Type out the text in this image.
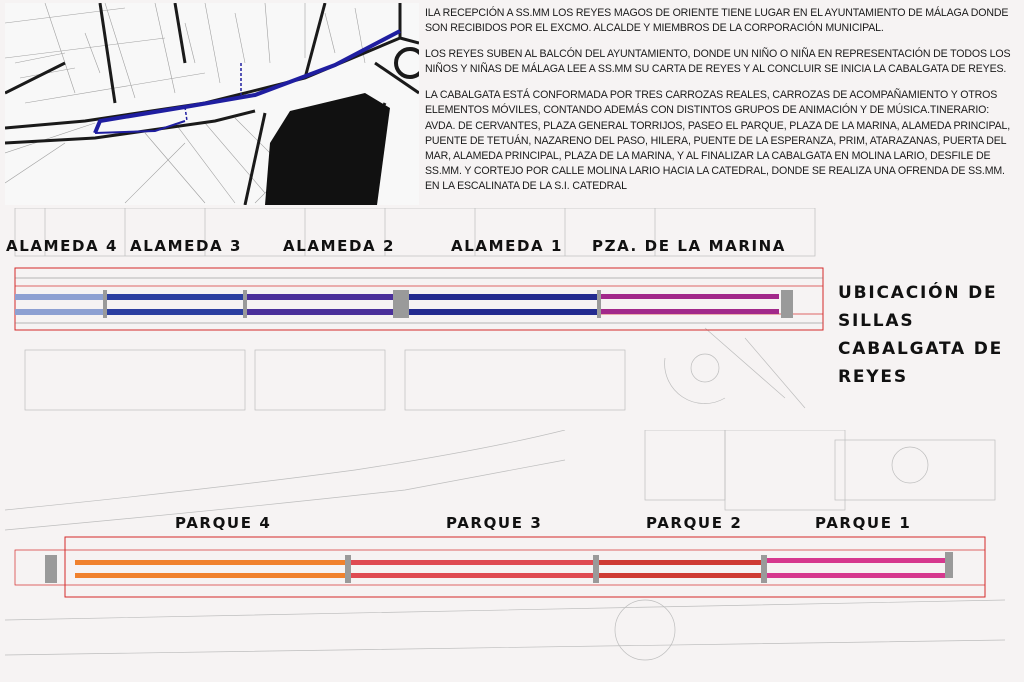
ILA RECEPCIÓN A SS.MM LOS REYES MAGOS DE ORIENTE TIENE LUGAR EN EL AYUNTAMIENTO DE MÁLAGA DONDE SON RECIBIDOS POR EL EXCMO. ALCALDE Y MIEMBROS DE LA CORPORACIÓN MUNICIPAL.

LOS REYES SUBEN AL BALCÓN DEL AYUNTAMIENTO, DONDE UN NIÑO O NIÑA EN REPRESENTACIÓN DE TODOS LOS NIÑOS Y NIÑAS DE MÁLAGA LEE A SS.MM SU CARTA DE REYES Y AL CONCLUIR SE INICIA LA CABALGATA DE REYES.

LA CABALGATA ESTÁ CONFORMADA POR TRES CARROZAS REALES, CARROZAS DE ACOMPAÑAMIENTO Y OTROS ELEMENTOS MÓVILES, CONTANDO ADEMÁS CON DISTINTOS GRUPOS DE ANIMACIÓN Y DE MÚSICA.TINERARIO: AVDA. DE CERVANTES, PLAZA GENERAL TORRIJOS, PASEO EL PARQUE, PLAZA DE LA MARINA, ALAMEDA PRINCIPAL, PUENTE DE TETUÁN, NAZARENO DEL PASO, HILERA, PUENTE DE LA ESPERANZA, PRIM, ATARAZANAS, PUERTA DEL MAR, ALAMEDA PRINCIPAL, PLAZA DE LA MARINA, Y AL FINALIZAR LA CABALGATA EN MOLINA LARIO, DESFILE DE SS.MM. Y CORTEJO POR CALLE MOLINA LARIO HACIA LA CATEDRAL, DONDE SE REALIZA UNA OFRENDA DE SS.MM. EN LA ESCALINATA DE LA S.I. CATEDRAL

ALAMEDA 4 ALAMEDA 3	ALAMEDA 2	ALAMEDA 1 PZA. DE LA MARINA
PARQUE 4	PARQUE 3	PARQUE 2	PARQUE 1
UBICACIÓN DE SILLAS
CABALGATA DE REYES
